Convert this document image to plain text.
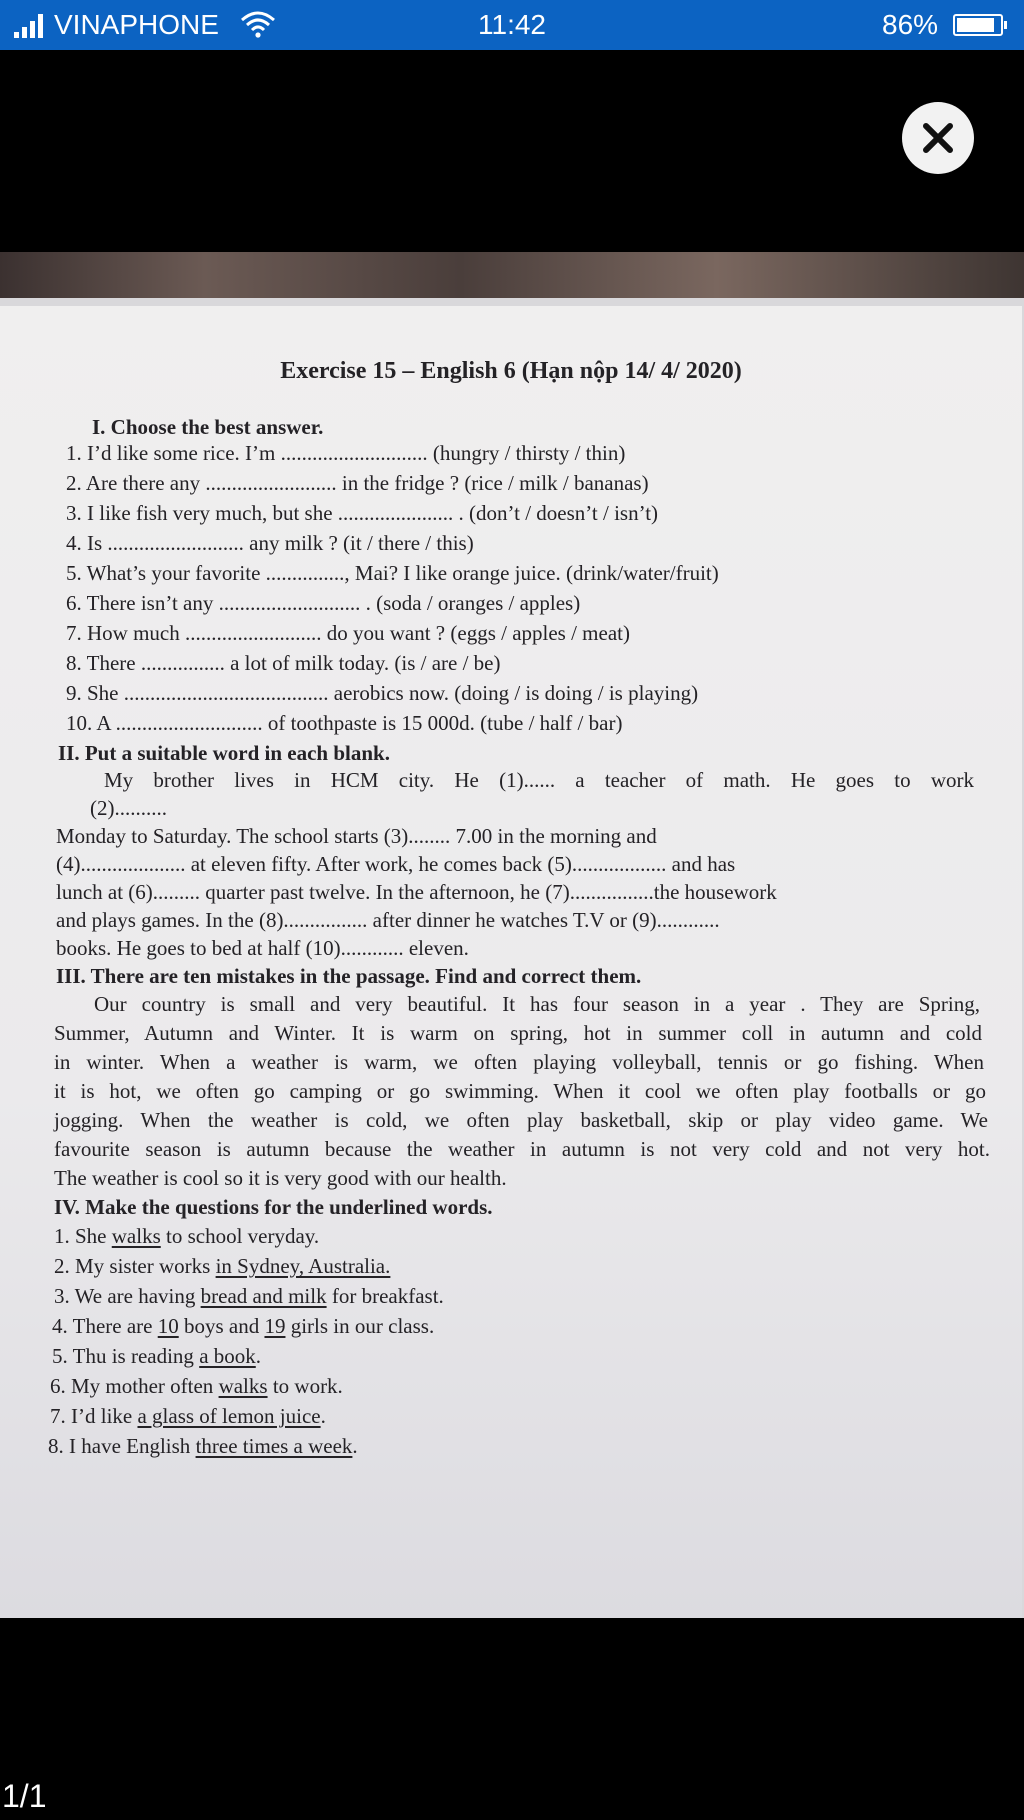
VINAPHONE	11:42	86%
Exercise 15 – English 6 (Hạn nộp 14/ 4/ 2020)
I. Choose the best answer.
1. I’d like some rice. I’m ............................ (hungry / thirsty / thin)
2. Are there any ......................... in the fridge ? (rice / milk / bananas)
3. I like fish very much, but she ...................... . (don’t / doesn’t / isn’t)
4. Is .......................... any milk ? (it / there / this)
5. What’s your favorite ..............., Mai? I like orange juice. (drink/water/fruit)
6. There isn’t any ........................... . (soda / oranges / apples)
7. How much .......................... do you want ? (eggs / apples / meat)
8. There ................ a lot of milk today. (is / are / be)
9. She ....................................... aerobics now. (doing / is doing / is playing)
10. A ............................ of toothpaste is 15 000d. (tube / half / bar)
II. Put a suitable word in each blank.
My brother lives in HCM city. He (1)...... a teacher of math. He goes to work
(2)..........
Monday to Saturday. The school starts (3)........ 7.00 in the morning and
(4).................... at eleven fifty. After work, he comes back (5).................. and has
lunch at (6)......... quarter past twelve. In the afternoon, he (7)................the housework
and plays games. In the (8)................ after dinner he watches T.V or (9)............
books. He goes to bed at half (10)............ eleven.
III. There are ten mistakes in the passage. Find and correct them.
Our country is small and very beautiful. It has four season in a year . They are Spring,
Summer, Autumn and Winter. It is warm on spring, hot in summer coll in autumn and cold
in winter. When a weather is warm, we often playing volleyball, tennis or go fishing. When
it is hot, we often go camping or go swimming. When it cool we often play footballs or go
jogging. When the weather is cold, we often play basketball, skip or play video game. We
favourite season is autumn because the weather in autumn is not very cold and not very hot.
The weather is cool so it is very good with our health.
IV. Make the questions for the underlined words.
1. She walks to school veryday.
2. My sister works in Sydney, Australia.
3. We are having bread and milk for breakfast.
4. There are 10 boys and 19 girls in our class.
5. Thu is reading a book.
6. My mother often walks to work.
7. I’d like a glass of lemon juice.
8. I have English three times a week.
1/1
